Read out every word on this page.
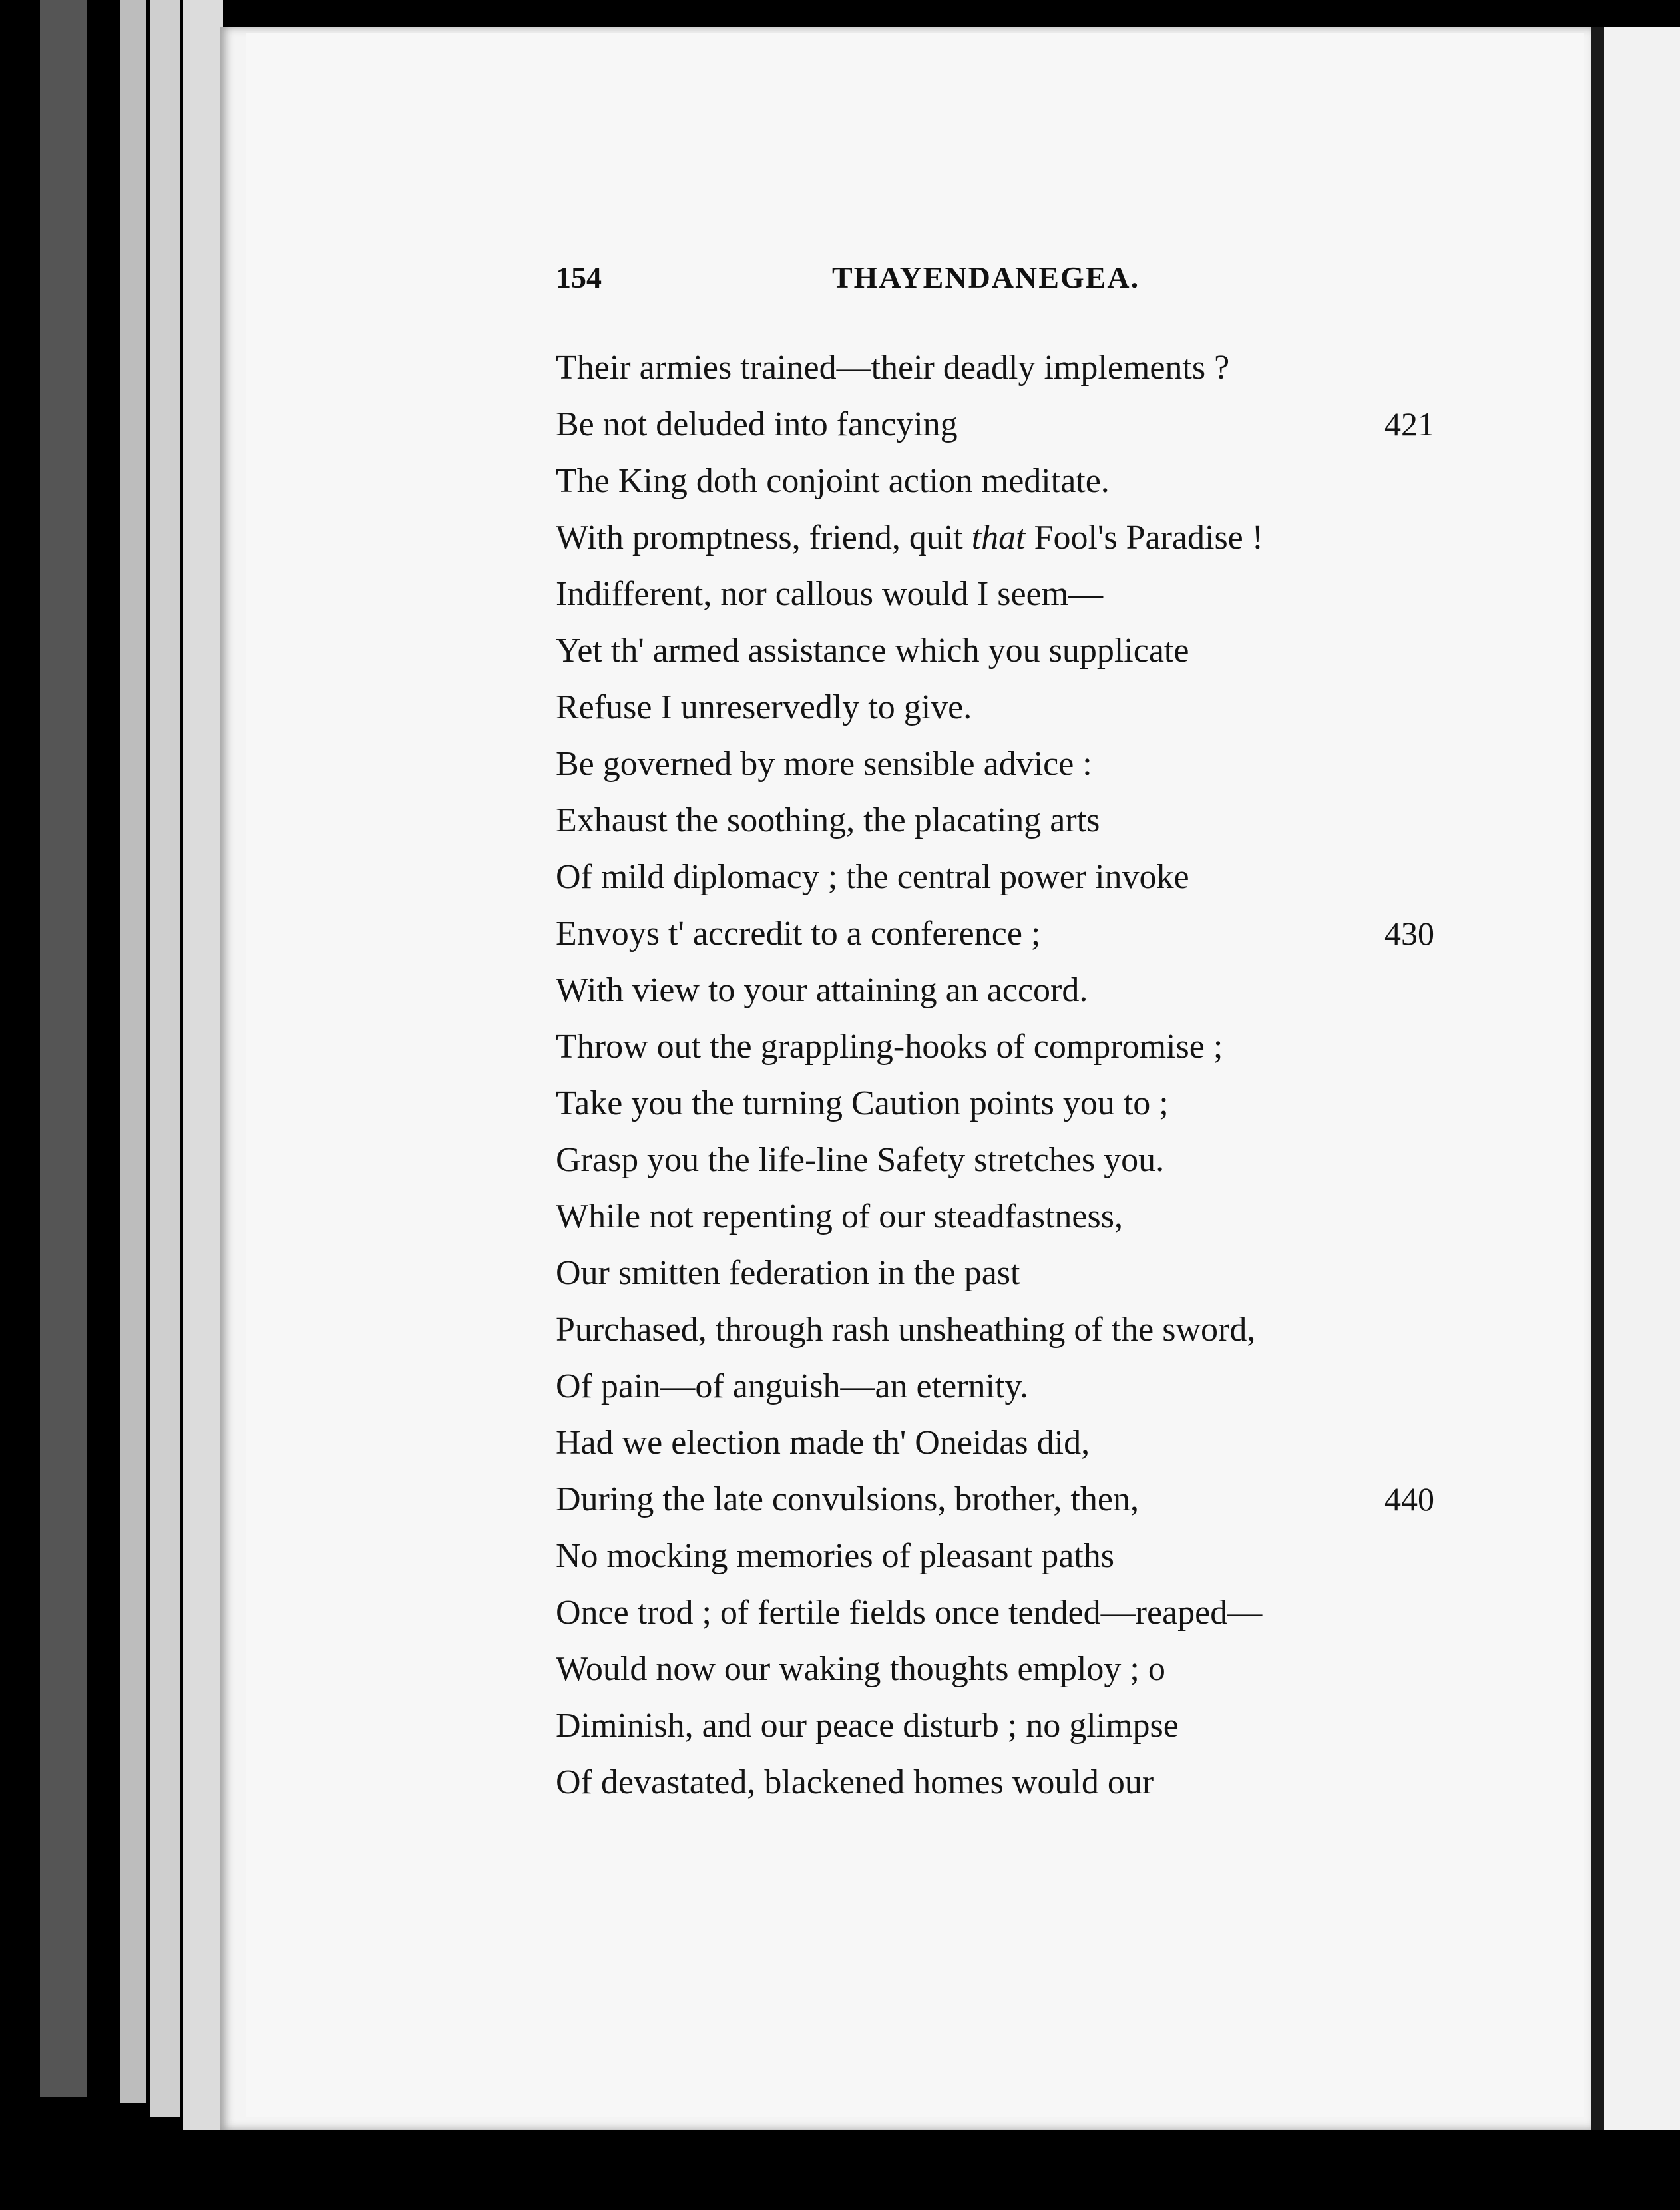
154	THAYENDANEGEA.
Their armies trained—their deadly implements ?
Be not deluded into fancying	421
The King doth conjoint action meditate.
With promptness, friend, quit that Fool's Paradise !
Indifferent, nor callous would I seem—
Yet th' armed assistance which you supplicate
Refuse I unreservedly to give.
Be governed by more sensible advice :
Exhaust the soothing, the placating arts
Of mild diplomacy ; the central power invoke
Envoys t' accredit to a conference ;	430
With view to your attaining an accord.
Throw out the grappling-hooks of compromise ;
Take you the turning Caution points you to ;
Grasp you the life-line Safety stretches you.
While not repenting of our steadfastness,
Our smitten federation in the past
Purchased, through rash unsheathing of the sword,
Of pain—of anguish—an eternity.
Had we election made th' Oneidas did,
During the late convulsions, brother, then,	440
No mocking memories of pleasant paths
Once trod ; of fertile fields once tended—reaped—
Would now our waking thoughts employ ; o
Diminish, and our peace disturb ; no glimpse
Of devastated, blackened homes would our
